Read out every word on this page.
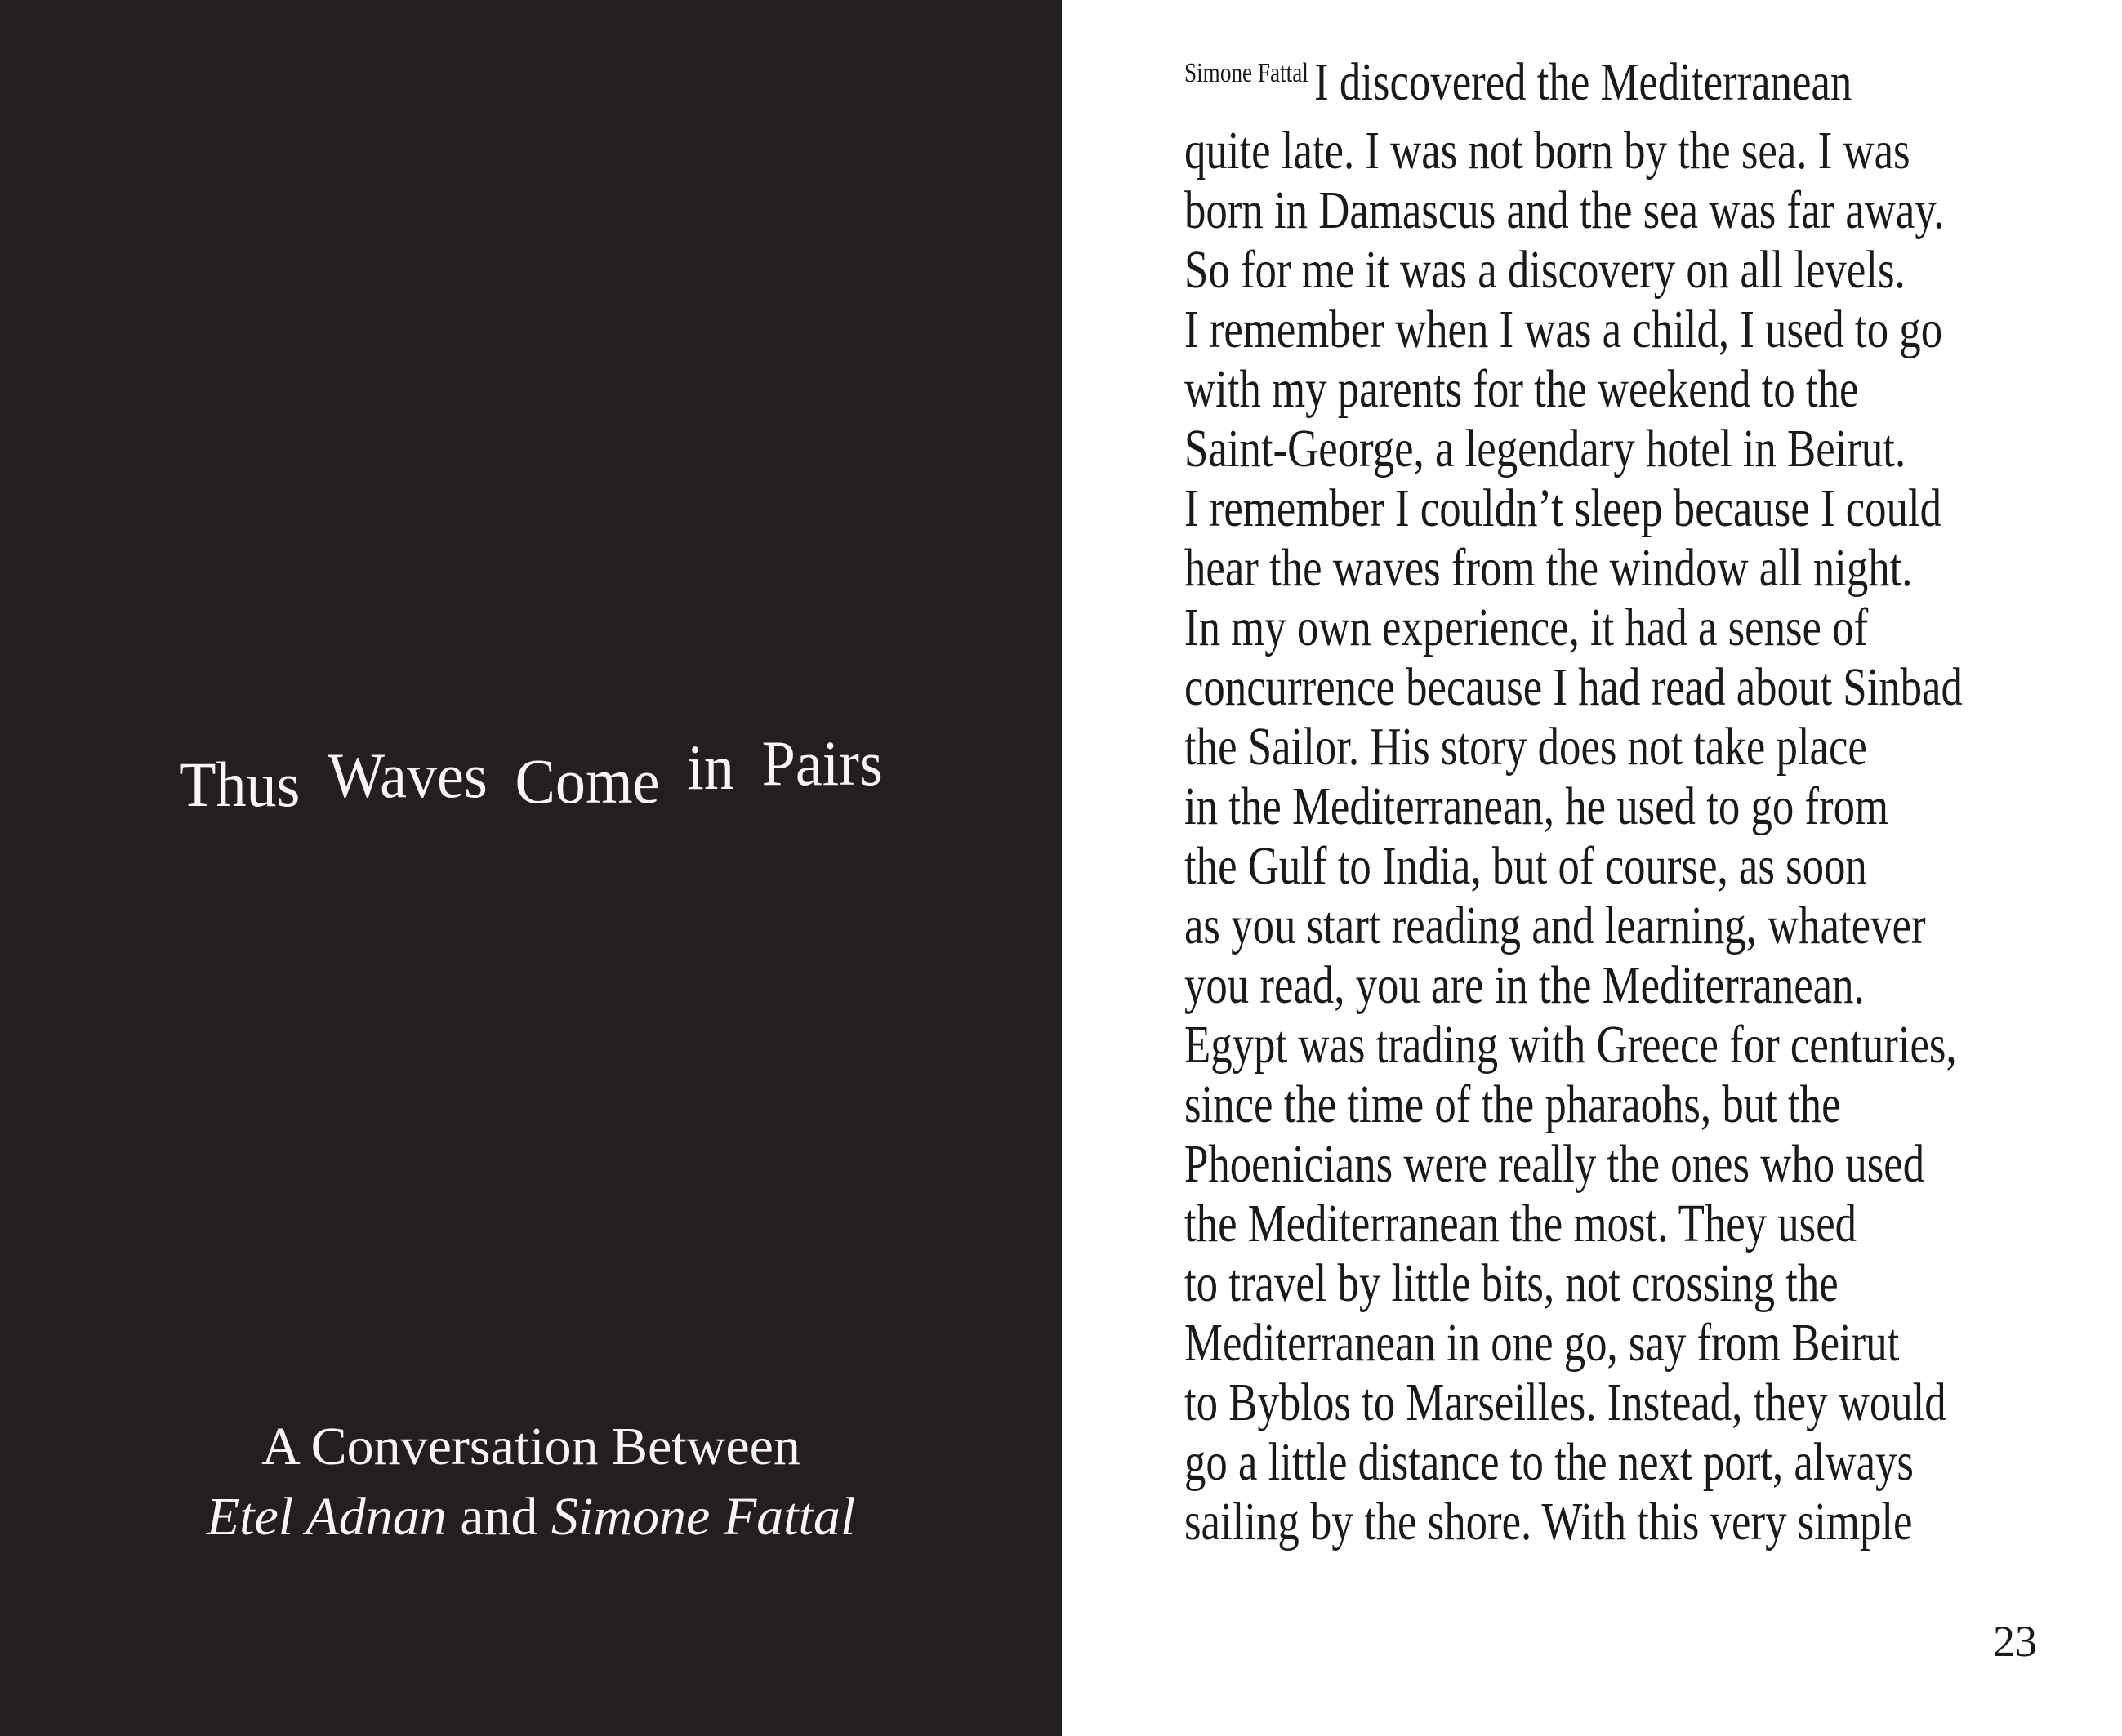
Thus Waves Come in Pairs
A Conversation Between
Etel Adnan and Simone Fattal
$^{Simone Fattal}$ I discovered the Mediterranean
quite late. I was not born by the sea. I was
born in Damascus and the sea was far away.
So for me it was a discovery on all levels.
I remember when I was a child, I used to go
with my parents for the weekend to the
Saint-George, a legendary hotel in Beirut.
I remember I couldn’t sleep because I could
hear the waves from the window all night.
In my own experience, it had a sense of
concurrence because I had read about Sinbad
the Sailor. His story does not take place
in the Mediterranean, he used to go from
the Gulf to India, but of course, as soon
as you start reading and learning, whatever
you read, you are in the Mediterranean.
Egypt was trading with Greece for centuries,
since the time of the pharaohs, but the
Phoenicians were really the ones who used
the Mediterranean the most. They used
to travel by little bits, not crossing the
Mediterranean in one go, say from Beirut
to Byblos to Marseilles. Instead, they would
go a little distance to the next port, always
sailing by the shore. With this very simple
23
